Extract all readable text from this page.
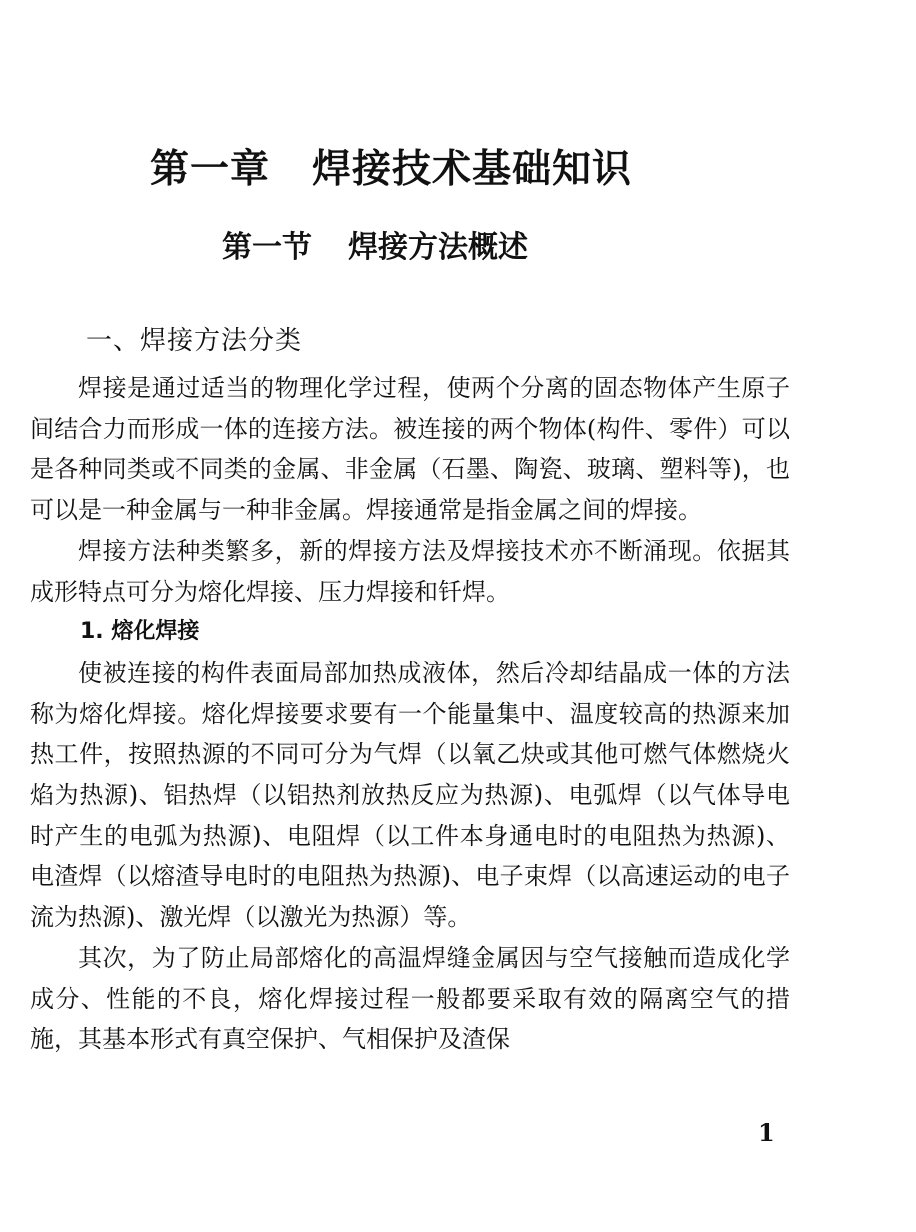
第一章 焊接技术基础知识
第一节 焊接方法概述
一、焊接方法分类

焊接是通过适当的物理化学过程，使两个分离的固态物体产生原子间结合力而形成一体的连接方法。被连接的两个物体(构件、零件）可以是各种同类或不同类的金属、非金属（石墨、陶瓷、玻璃、塑料等)，也可以是一种金属与一种非金属。焊接通常是指金属之间的焊接。

焊接方法种类繁多，新的焊接方法及焊接技术亦不断涌现。依据其成形特点可分为熔化焊接、压力焊接和钎焊。

1. 熔化焊接

使被连接的构件表面局部加热成液体，然后冷却结晶成一体的方法称为熔化焊接。熔化焊接要求要有一个能量集中、温度较高的热源来加热工件，按照热源的不同可分为气焊（以氧乙炔或其他可燃气体燃烧火焰为热源)、铝热焊（以铝热剂放热反应为热源)、电弧焊（以气体导电时产生的电弧为热源)、电阻焊（以工件本身通电时的电阻热为热源)、电渣焊（以熔渣导电时的电阻热为热源)、电子束焊（以高速运动的电子流为热源)、激光焊（以激光为热源）等。

其次，为了防止局部熔化的高温焊缝金属因与空气接触而造成化学成分、性能的不良，熔化焊接过程一般都要采取有效的隔离空气的措施，其基本形式有真空保护、气相保护及渣保

1
